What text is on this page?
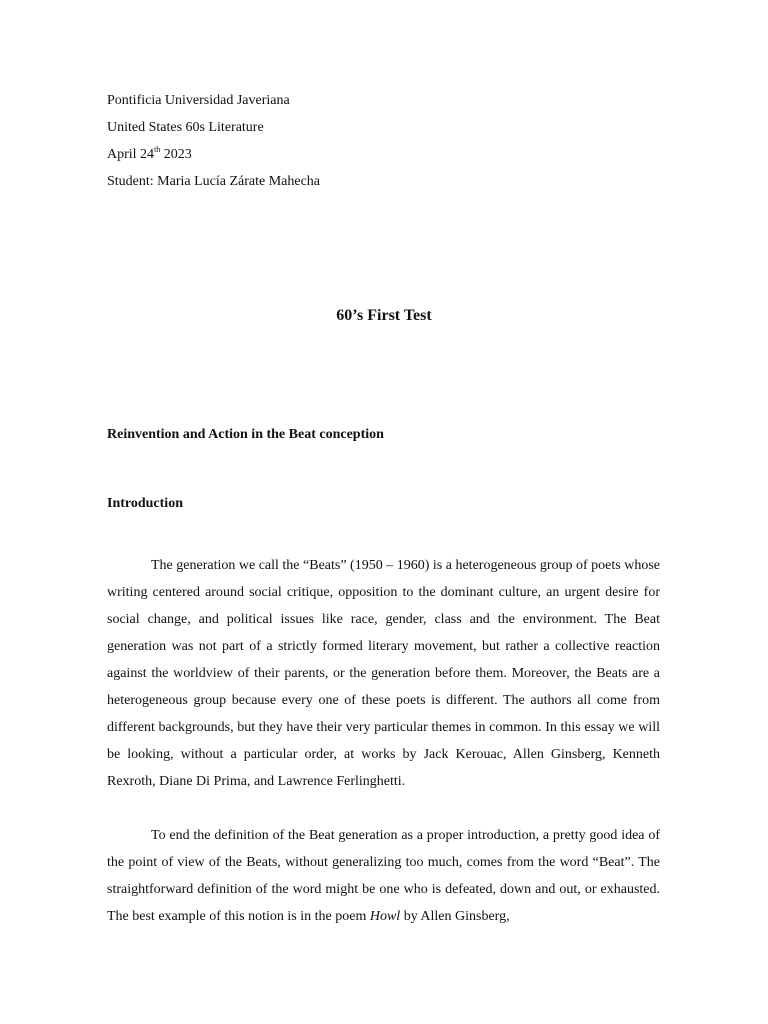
Pontificia Universidad Javeriana
United States 60s Literature
April 24th 2023
Student: Maria Lucía Zárate Mahecha
60’s First Test
Reinvention and Action in the Beat conception
Introduction

The generation we call the “Beats” (1950 – 1960) is a heterogeneous group of poets whose writing centered around social critique, opposition to the dominant culture, an urgent desire for social change, and political issues like race, gender, class and the environment. The Beat generation was not part of a strictly formed literary movement, but rather a collective reaction against the worldview of their parents, or the generation before them. Moreover, the Beats are a heterogeneous group because every one of these poets is different. The authors all come from different backgrounds, but they have their very particular themes in common. In this essay we will be looking, without a particular order, at works by Jack Kerouac, Allen Ginsberg, Kenneth Rexroth, Diane Di Prima, and Lawrence Ferlinghetti.

To end the definition of the Beat generation as a proper introduction, a pretty good idea of the point of view of the Beats, without generalizing too much, comes from the word “Beat”. The straightforward definition of the word might be one who is defeated, down and out, or exhausted. The best example of this notion is in the poem Howl by Allen Ginsberg,
